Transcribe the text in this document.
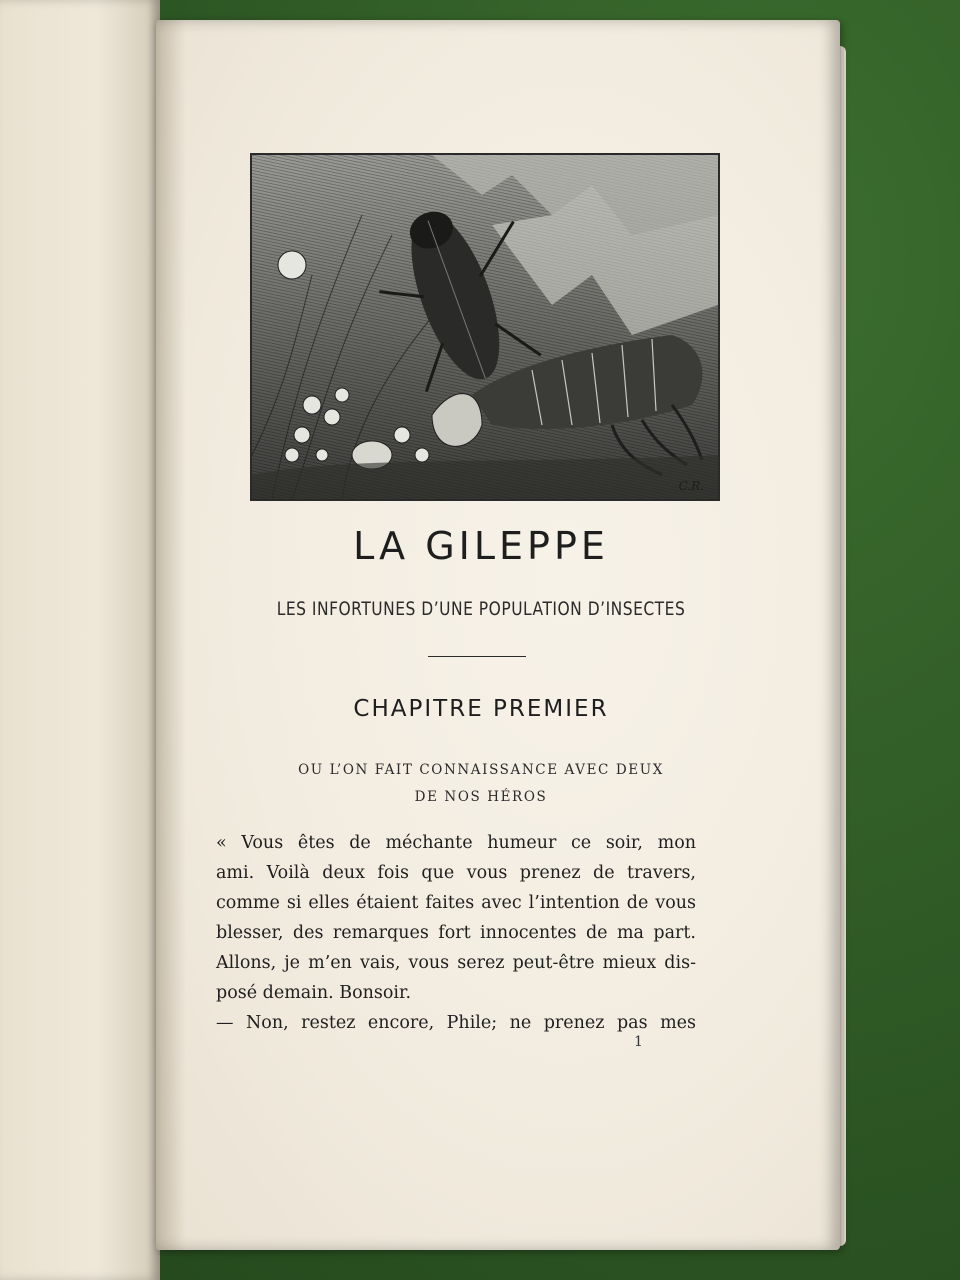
C.R.
LA GILEPPE
LES INFORTUNES D’UNE POPULATION D’INSECTES
CHAPITRE PREMIER
OU L’ON FAIT CONNAISSANCE AVEC DEUX
DE NOS HÉROS

« Vous êtes de méchante humeur ce soir, mon

ami. Voilà deux fois que vous prenez de travers,

comme si elles étaient faites avec l’intention de vous

blesser, des remarques fort innocentes de ma part.

Allons, je m’en vais, vous serez peut-être mieux dis-

posé demain. Bonsoir.

— Non, restez encore, Phile; ne prenez pas mes

1
